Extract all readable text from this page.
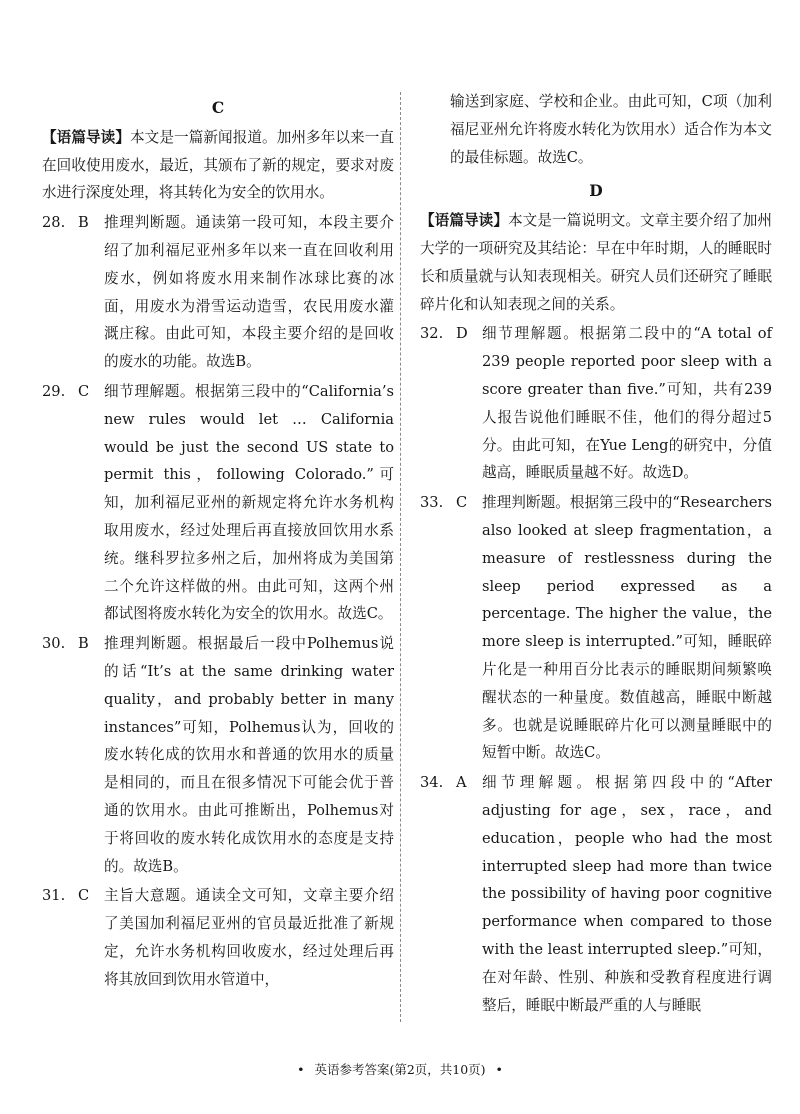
C

【语篇导读】本文是一篇新闻报道。加州多年以来一直在回收使用废水，最近，其颁布了新的规定，要求对废水进行深度处理，将其转化为安全的饮用水。

28. B	推理判断题。通读第一段可知，本段主要介绍了加利福尼亚州多年以来一直在回收利用废水，例如将废水用来制作冰球比赛的冰面，用废水为滑雪运动造雪，农民用废水灌溉庄稼。由此可知，本段主要介绍的是回收的废水的功能。故选B。
29. C	细节理解题。根据第三段中的“California’s new rules would let … California would be just the second US state to permit this，following Colorado.”可知，加利福尼亚州的新规定将允许水务机构取用废水，经过处理后再直接放回饮用水系统。继科罗拉多州之后，加州将成为美国第二个允许这样做的州。由此可知，这两个州都试图将废水转化为安全的饮用水。故选C。
30. B	推理判断题。根据最后一段中Polhemus说的话“It’s at the same drinking water quality，and probably better in many instances”可知，Polhemus认为，回收的废水转化成的饮用水和普通的饮用水的质量是相同的，而且在很多情况下可能会优于普通的饮用水。由此可推断出，Polhemus对于将回收的废水转化成饮用水的态度是支持的。故选B。
31. C	主旨大意题。通读全文可知，文章主要介绍了美国加利福尼亚州的官员最近批准了新规定，允许水务机构回收废水，经过处理后再将其放回到饮用水管道中，

输送到家庭、学校和企业。由此可知，C项（加利福尼亚州允许将废水转化为饮用水）适合作为本文的最佳标题。故选C。

D

【语篇导读】本文是一篇说明文。文章主要介绍了加州大学的一项研究及其结论：早在中年时期，人的睡眠时长和质量就与认知表现相关。研究人员们还研究了睡眠碎片化和认知表现之间的关系。

32. D 细节理解题。根据第二段中的“A total of 239 people reported poor sleep with a score greater than five.”可知，共有239人报告说他们睡眠不佳，他们的得分超过5分。由此可知，在Yue Leng的研究中，分值越高，睡眠质量越不好。故选D。
33. C	推理判断题。根据第三段中的“Researchers also looked at sleep fragmentation，a measure of restlessness during the sleep period expressed as a percentage. The higher the value，the more sleep is interrupted.”可知，睡眠碎片化是一种用百分比表示的睡眠期间频繁唤醒状态的一种量度。数值越高，睡眠中断越多。也就是说睡眠碎片化可以测量睡眠中的短暂中断。故选C。
34. A	细节理解题。根据第四段中的“After adjusting for age，sex，race，and education，people who had the most interrupted sleep had more than twice the possibility of having poor cognitive performance when compared to those with the least interrupted sleep.”可知，在对年龄、性别、种族和受教育程度进行调整后，睡眠中断最严重的人与睡眠
• 英语参考答案(第2页，共10页) •
